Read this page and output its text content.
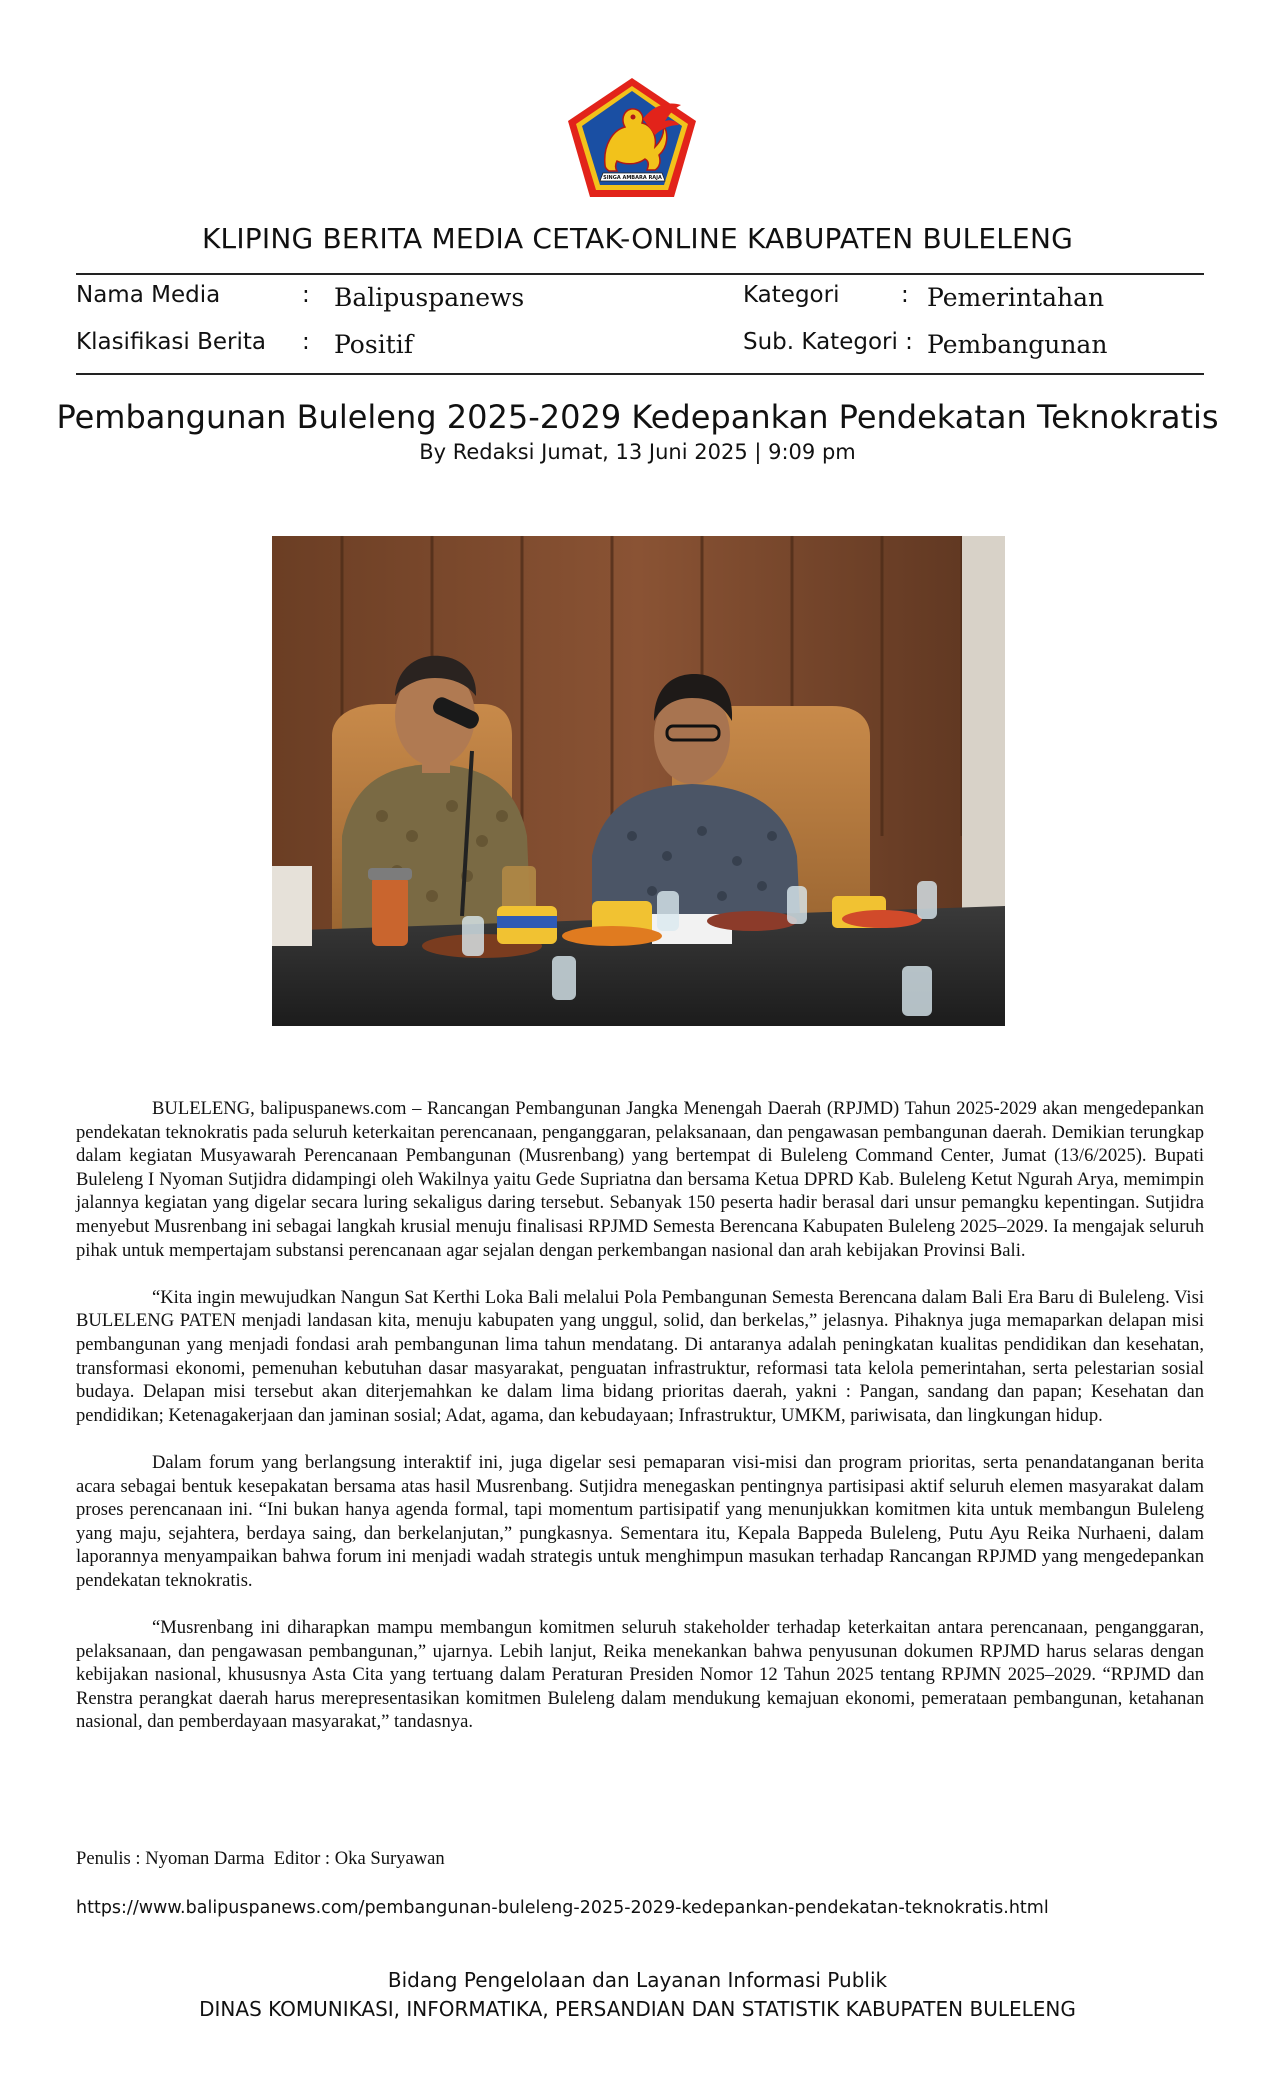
SINGA AMBARA RAJA
KLIPING BERITA MEDIA CETAK-ONLINE KABUPATEN BULELENG
Nama Media	: Balipuspanews
Klasifikasi Berita : Positif
Kategori	: Pemerintahan
Sub. Kategori : Pembangunan
Pembangunan Buleleng 2025-2029 Kedepankan Pendekatan Teknokratis
By Redaksi Jumat, 13 Juni 2025 | 9:09 pm

BULELENG, balipuspanews.com – Rancangan Pembangunan Jangka Menengah Daerah (RPJMD) Tahun 2025-2029 akan mengedepankan pendekatan teknokratis pada seluruh keterkaitan perencanaan, penganggaran, pelaksanaan, dan pengawasan pembangunan daerah. Demikian terungkap dalam kegiatan Musyawarah Perencanaan Pembangunan (Musrenbang) yang bertempat di Buleleng Command Center, Jumat (13/6/2025). Bupati Buleleng I Nyoman Sutjidra didampingi oleh Wakilnya yaitu Gede Supriatna dan bersama Ketua DPRD Kab. Buleleng Ketut Ngurah Arya, memimpin jalannya kegiatan yang digelar secara luring sekaligus daring tersebut. Sebanyak 150 peserta hadir berasal dari unsur pemangku kepentingan. Sutjidra menyebut Musrenbang ini sebagai langkah krusial menuju finalisasi RPJMD Semesta Berencana Kabupaten Buleleng 2025–2029. Ia mengajak seluruh pihak untuk mempertajam substansi perencanaan agar sejalan dengan perkembangan nasional dan arah kebijakan Provinsi Bali.

“Kita ingin mewujudkan Nangun Sat Kerthi Loka Bali melalui Pola Pembangunan Semesta Berencana dalam Bali Era Baru di Buleleng. Visi BULELENG PATEN menjadi landasan kita, menuju kabupaten yang unggul, solid, dan berkelas,” jelasnya. Pihaknya juga memaparkan delapan misi pembangunan yang menjadi fondasi arah pembangunan lima tahun mendatang. Di antaranya adalah peningkatan kualitas pendidikan dan kesehatan, transformasi ekonomi, pemenuhan kebutuhan dasar masyarakat, penguatan infrastruktur, reformasi tata kelola pemerintahan, serta pelestarian sosial budaya. Delapan misi tersebut akan diterjemahkan ke dalam lima bidang prioritas daerah, yakni : Pangan, sandang dan papan; Kesehatan dan pendidikan; Ketenagakerjaan dan jaminan sosial; Adat, agama, dan kebudayaan; Infrastruktur, UMKM, pariwisata, dan lingkungan hidup.

Dalam forum yang berlangsung interaktif ini, juga digelar sesi pemaparan visi-misi dan program prioritas, serta penandatanganan berita acara sebagai bentuk kesepakatan bersama atas hasil Musrenbang. Sutjidra menegaskan pentingnya partisipasi aktif seluruh elemen masyarakat dalam proses perencanaan ini. “Ini bukan hanya agenda formal, tapi momentum partisipatif yang menunjukkan komitmen kita untuk membangun Buleleng yang maju, sejahtera, berdaya saing, dan berkelanjutan,” pungkasnya. Sementara itu, Kepala Bappeda Buleleng, Putu Ayu Reika Nurhaeni, dalam laporannya menyampaikan bahwa forum ini menjadi wadah strategis untuk menghimpun masukan terhadap Rancangan RPJMD yang mengedepankan pendekatan teknokratis.

“Musrenbang ini diharapkan mampu membangun komitmen seluruh stakeholder terhadap keterkaitan antara perencanaan, penganggaran, pelaksanaan, dan pengawasan pembangunan,” ujarnya. Lebih lanjut, Reika menekankan bahwa penyusunan dokumen RPJMD harus selaras dengan kebijakan nasional, khususnya Asta Cita yang tertuang dalam Peraturan Presiden Nomor 12 Tahun 2025 tentang RPJMN 2025–2029. “RPJMD dan Renstra perangkat daerah harus merepresentasikan komitmen Buleleng dalam mendukung kemajuan ekonomi, pemerataan pembangunan, ketahanan nasional, dan pemberdayaan masyarakat,” tandasnya.

Penulis : Nyoman Darma  Editor : Oka Suryawan
https://www.balipuspanews.com/pembangunan-buleleng-2025-2029-kedepankan-pendekatan-teknokratis.html
Bidang Pengelolaan dan Layanan Informasi Publik
DINAS KOMUNIKASI, INFORMATIKA, PERSANDIAN DAN STATISTIK KABUPATEN BULELENG
